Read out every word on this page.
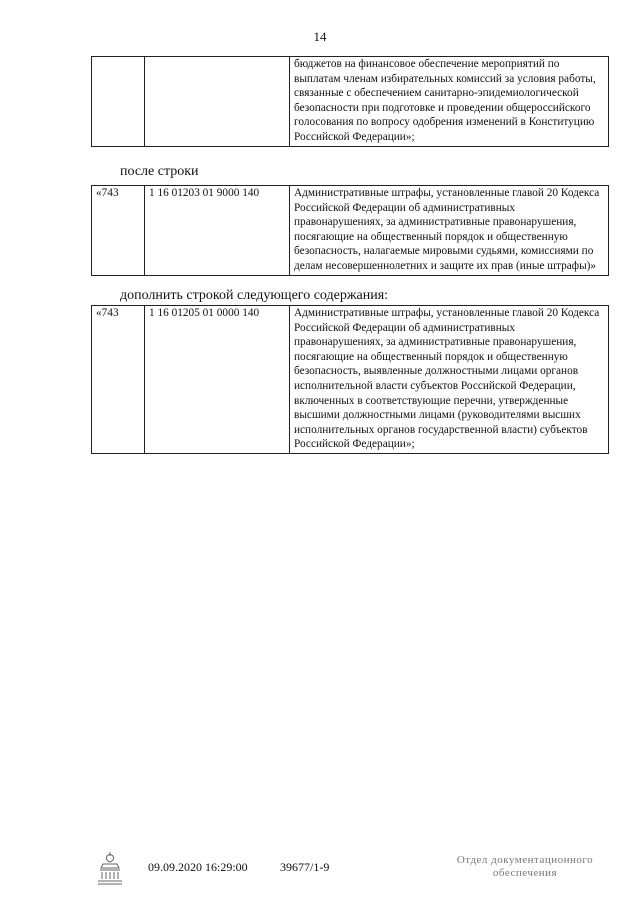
14
		бюджетов на финансовое обеспечение мероприятий по выплатам членам избирательных комиссий за условия работы, связанные с обеспечением санитарно-эпидемиологической безопасности при подготовке и проведении общероссийского голосования по вопросу одобрения изменений в Конституцию Российской Федерации»;
после строки
«743	1 16 01203 01 9000 140	Административные штрафы, установленные главой 20 Кодекса Российской Федерации об административных правонарушениях, за административные правонарушения, посягающие на общественный порядок и общественную безопасность, налагаемые мировыми судьями, комиссиями по делам несовершеннолетних и защите их прав (иные штрафы)»
дополнить строкой следующего содержания:
«743	1 16 01205 01 0000 140	Административные штрафы, установленные главой 20 Кодекса Российской Федерации об административных правонарушениях, за административные правонарушения, посягающие на общественный порядок и общественную безопасность, выявленные должностными лицами органов исполнительной власти субъектов Российской Федерации, включенных в соответствующие перечни, утвержденные высшими должностными лицами (руководителями высших исполнительных органов государственной власти) субъектов Российской Федерации»;
09.09.2020 16:29:00	39677/1-9	Отдел документационного
обеспечения
